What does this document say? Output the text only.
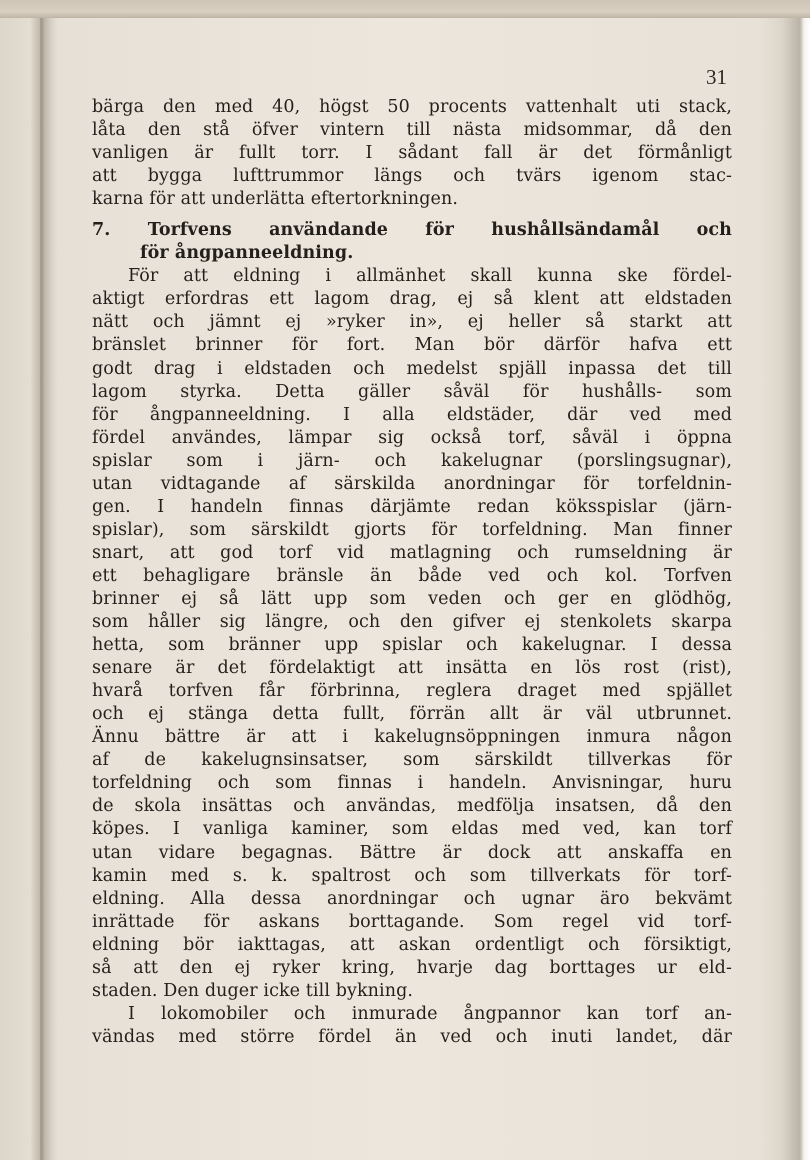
31
bärga den med 40, högst 50 procents vattenhalt uti stack,
låta den stå öfver vintern till nästa midsommar, då den
vanligen är fullt torr. I sådant fall är det förmånligt
att bygga lufttrummor längs och tvärs igenom stac-
karna för att underlätta eftertorkningen.
7. Torfvens användande för hushållsändamål och
för ångpanneeldning.
För att eldning i allmänhet skall kunna ske fördel-
aktigt erfordras ett lagom drag, ej så klent att eldstaden
nätt och jämnt ej »ryker in», ej heller så starkt att
bränslet brinner för fort. Man bör därför hafva ett
godt drag i eldstaden och medelst spjäll inpassa det till
lagom styrka. Detta gäller såväl för hushålls- som
för ångpanneeldning. I alla eldstäder, där ved med
fördel användes, lämpar sig också torf, såväl i öppna
spislar som i järn- och kakelugnar (porslingsugnar),
utan vidtagande af särskilda anordningar för torfeldnin-
gen. I handeln finnas därjämte redan köksspislar (järn-
spislar), som särskildt gjorts för torfeldning. Man finner
snart, att god torf vid matlagning och rumseldning är
ett behagligare bränsle än både ved och kol. Torfven
brinner ej så lätt upp som veden och ger en glödhög,
som håller sig längre, och den gifver ej stenkolets skarpa
hetta, som bränner upp spislar och kakelugnar. I dessa
senare är det fördelaktigt att insätta en lös rost (rist),
hvarå torfven får förbrinna, reglera draget med spjället
och ej stänga detta fullt, förrän allt är väl utbrunnet.
Ännu bättre är att i kakelugnsöppningen inmura någon
af de kakelugnsinsatser, som särskildt tillverkas för
torfeldning och som finnas i handeln. Anvisningar, huru
de skola insättas och användas, medfölja insatsen, då den
köpes. I vanliga kaminer, som eldas med ved, kan torf
utan vidare begagnas. Bättre är dock att anskaffa en
kamin med s. k. spaltrost och som tillverkats för torf-
eldning. Alla dessa anordningar och ugnar äro bekvämt
inrättade för askans borttagande. Som regel vid torf-
eldning bör iakttagas, att askan ordentligt och försiktigt,
så att den ej ryker kring, hvarje dag borttages ur eld-
staden. Den duger icke till bykning.
I lokomobiler och inmurade ångpannor kan torf an-
vändas med större fördel än ved och inuti landet, där
